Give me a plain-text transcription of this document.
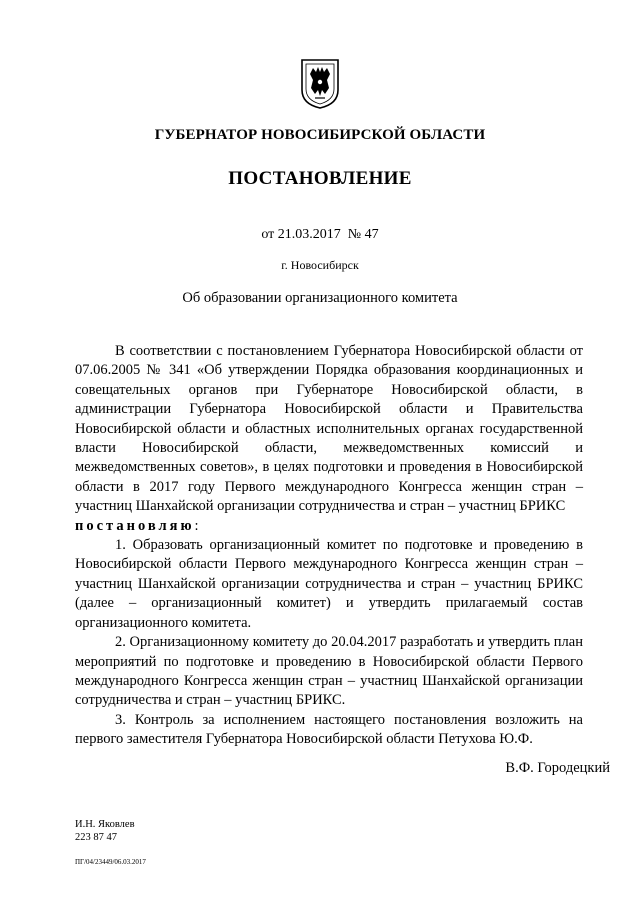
ГУБЕРНАТОР НОВОСИБИРСКОЙ ОБЛАСТИ
ПОСТАНОВЛЕНИЕ
от 21.03.2017 № 47
г. Новосибирск
Об образовании организационного комитета

В соответствии с постановлением Губернатора Новосибирской области от 07.06.2005 № 341 «Об утверждении Порядка образования координационных и совещательных органов при Губернаторе Новосибирской области, в администрации Губернатора Новосибирской области и Правительства Новосибирской области и областных исполнительных органах государственной власти Новосибирской области, межведомственных комиссий и межведомственных советов», в целях подготовки и проведения в Новосибирской области в 2017 году Первого международного Конгресса женщин стран – участниц Шанхайской организации сотрудничества и стран – участниц БРИКС

постановляю:

1. Образовать организационный комитет по подготовке и проведению в Новосибирской области Первого международного Конгресса женщин стран – участниц Шанхайской организации сотрудничества и стран – участниц БРИКС (далее – организационный комитет) и утвердить прилагаемый состав организационного комитета.

2. Организационному комитету до 20.04.2017 разработать и утвердить план мероприятий по подготовке и проведению в Новосибирской области Первого международного Конгресса женщин стран – участниц Шанхайской организации сотрудничества и стран – участниц БРИКС.

3. Контроль за исполнением настоящего постановления возложить на первого заместителя Губернатора Новосибирской области Петухова Ю.Ф.

В.Ф. Городецкий
И.Н. Яковлев
223 87 47
ПГ/04/23449/06.03.2017
